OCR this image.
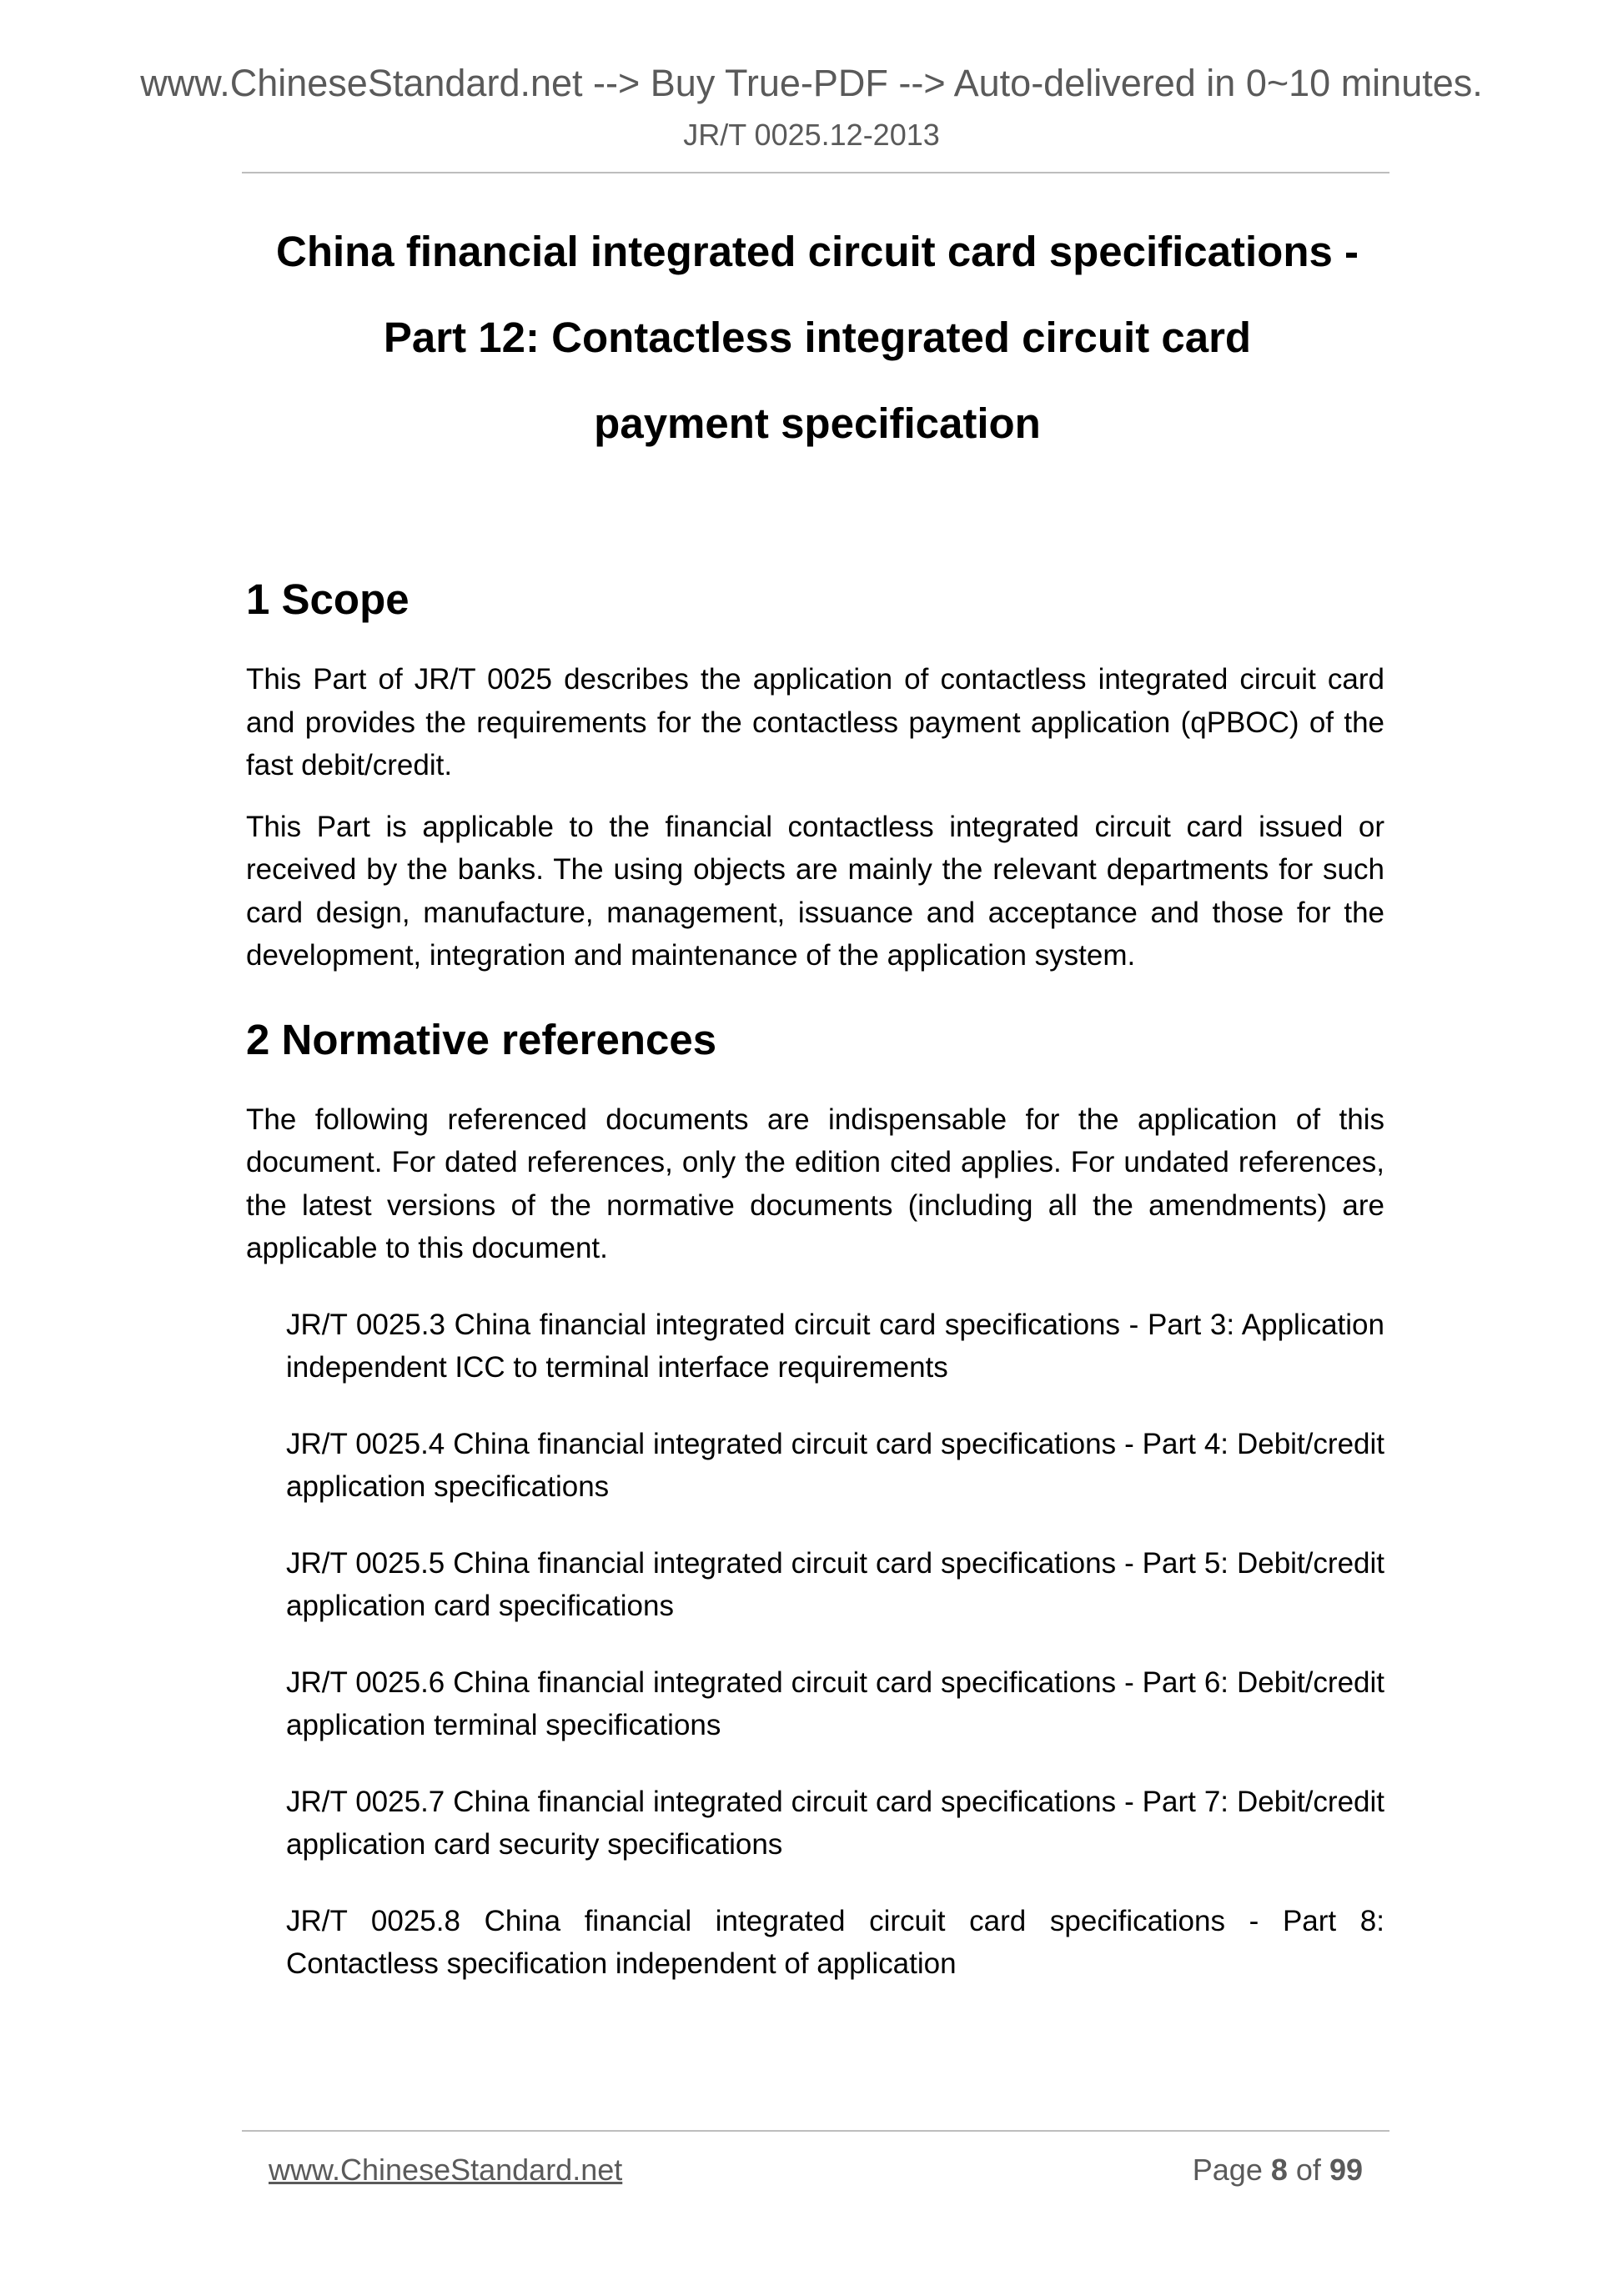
www.ChineseStandard.net --> Buy True-PDF --> Auto-delivered in 0~10 minutes.
JR/T 0025.12-2013
China financial integrated circuit card specifications -
Part 12: Contactless integrated circuit card
payment specification
1 Scope

This Part of JR/T 0025 describes the application of contactless integrated circuit card and provides the requirements for the contactless payment application (qPBOC) of the fast debit/credit.

This Part is applicable to the financial contactless integrated circuit card issued or received by the banks. The using objects are mainly the relevant departments for such card design, manufacture, management, issuance and acceptance and those for the development, integration and maintenance of the application system.

2 Normative references

The following referenced documents are indispensable for the application of this document. For dated references, only the edition cited applies. For undated references, the latest versions of the normative documents (including all the amendments) are applicable to this document.

JR/T 0025.3 China financial integrated circuit card specifications - Part 3: Application independent ICC to terminal interface requirements
JR/T 0025.4 China financial integrated circuit card specifications - Part 4: Debit/credit application specifications
JR/T 0025.5 China financial integrated circuit card specifications - Part 5: Debit/credit application card specifications
JR/T 0025.6 China financial integrated circuit card specifications - Part 6: Debit/credit application terminal specifications
JR/T 0025.7 China financial integrated circuit card specifications - Part 7: Debit/credit application card security specifications
JR/T 0025.8 China financial integrated circuit card specifications - Part 8: Contactless specification independent of application
www.ChineseStandard.net	Page 8 of 99
